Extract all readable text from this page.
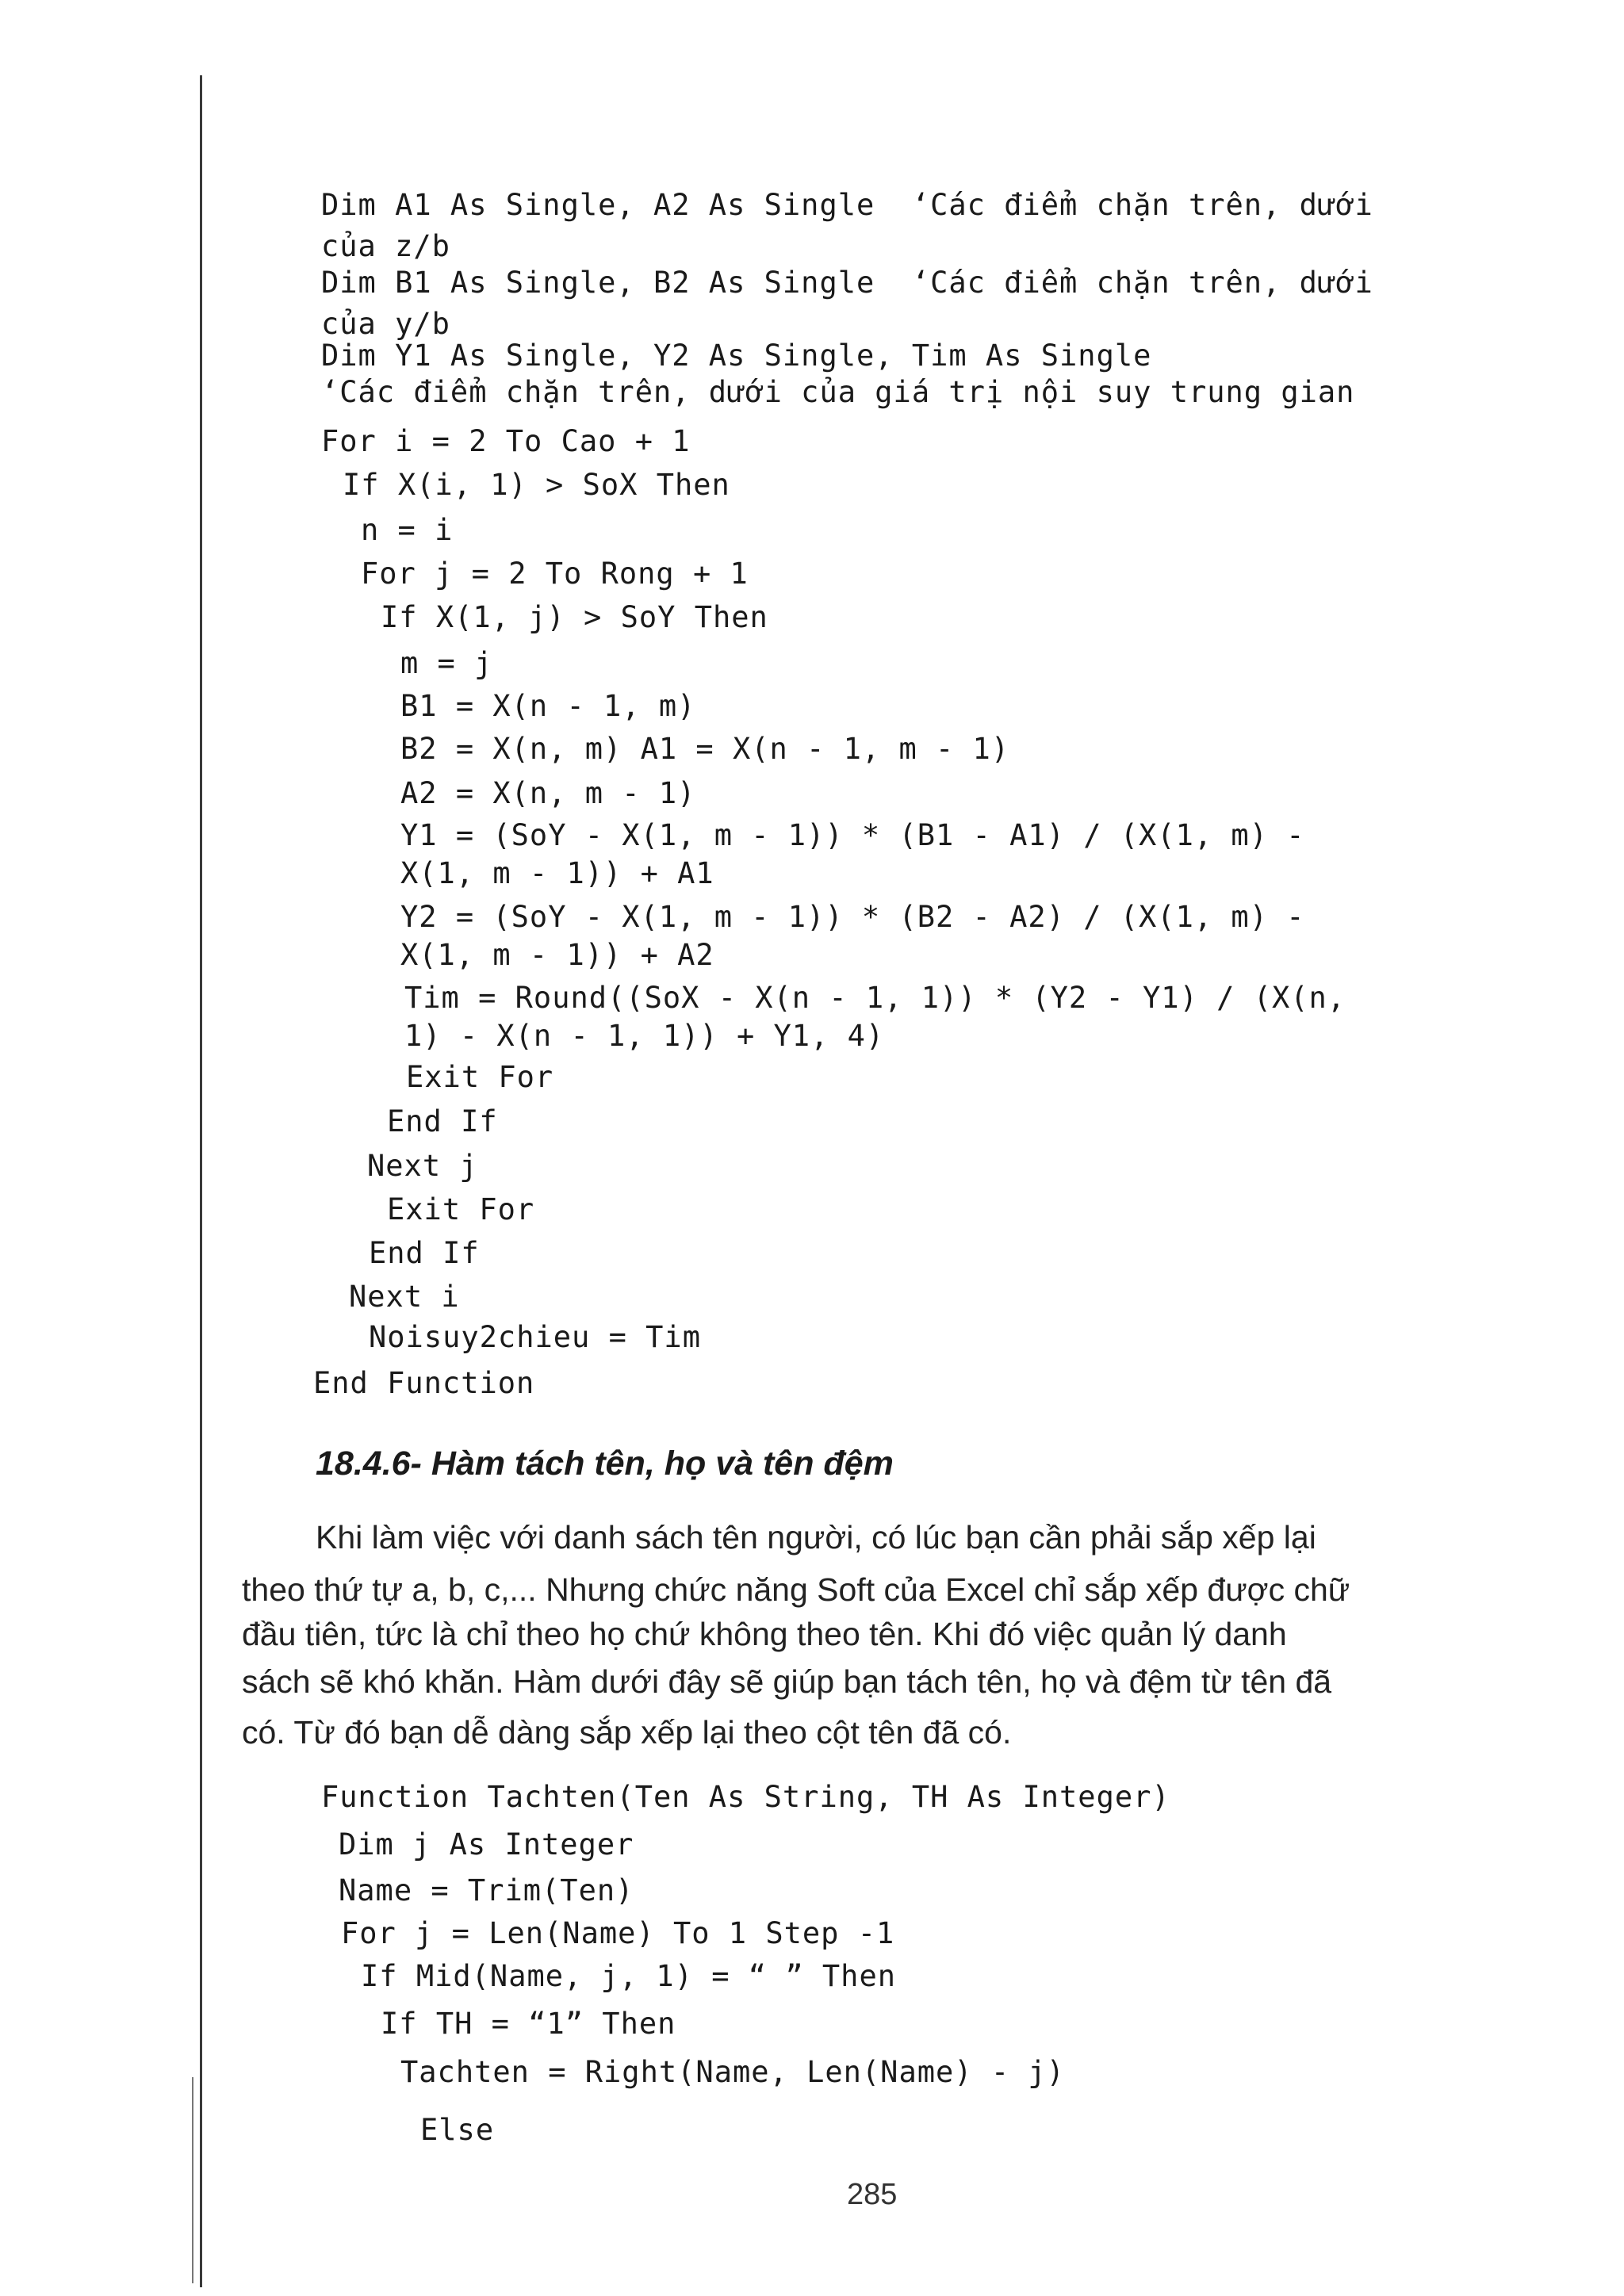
Dim A1 As Single, A2 As Single  ‘Các điểm chặn trên, dưới
của z/b
Dim B1 As Single, B2 As Single  ‘Các điểm chặn trên, dưới
của y/b
Dim Y1 As Single, Y2 As Single, Tim As Single
‘Các điểm chặn trên, dưới của giá trị nội suy trung gian
For i = 2 To Cao + 1
If X(i, 1) > SoX Then
n = i
For j = 2 To Rong + 1
If X(1, j) > SoY Then
m = j
B1 = X(n - 1, m)
B2 = X(n, m) A1 = X(n - 1, m - 1)
A2 = X(n, m - 1)
Y1 = (SoY - X(1, m - 1)) * (B1 - A1) / (X(1, m) -
X(1, m - 1)) + A1
Y2 = (SoY - X(1, m - 1)) * (B2 - A2) / (X(1, m) -
X(1, m - 1)) + A2
Tim = Round((SoX - X(n - 1, 1)) * (Y2 - Y1) / (X(n,
1) - X(n - 1, 1)) + Y1, 4)
Exit For
End If
Next j
Exit For
End If
Next i
Noisuy2chieu = Tim
End Function
18.4.6- Hàm tách tên, họ và tên đệm
Khi làm việc với danh sách tên người, có lúc bạn cần phải sắp xếp lại
theo thứ tự a, b, c,... Nhưng chức năng Soft của Excel chỉ sắp xếp được chữ
đầu tiên, tức là chỉ theo họ chứ không theo tên. Khi đó việc quản lý danh
sách sẽ khó khăn. Hàm dưới đây sẽ giúp bạn tách tên, họ và đệm từ tên đã
có. Từ đó bạn dễ dàng sắp xếp lại theo cột tên đã có.
Function Tachten(Ten As String, TH As Integer)
Dim j As Integer
Name = Trim(Ten)
For j = Len(Name) To 1 Step -1
If Mid(Name, j, 1) = “ ” Then
If TH = “1” Then
Tachten = Right(Name, Len(Name) - j)
Else
285
